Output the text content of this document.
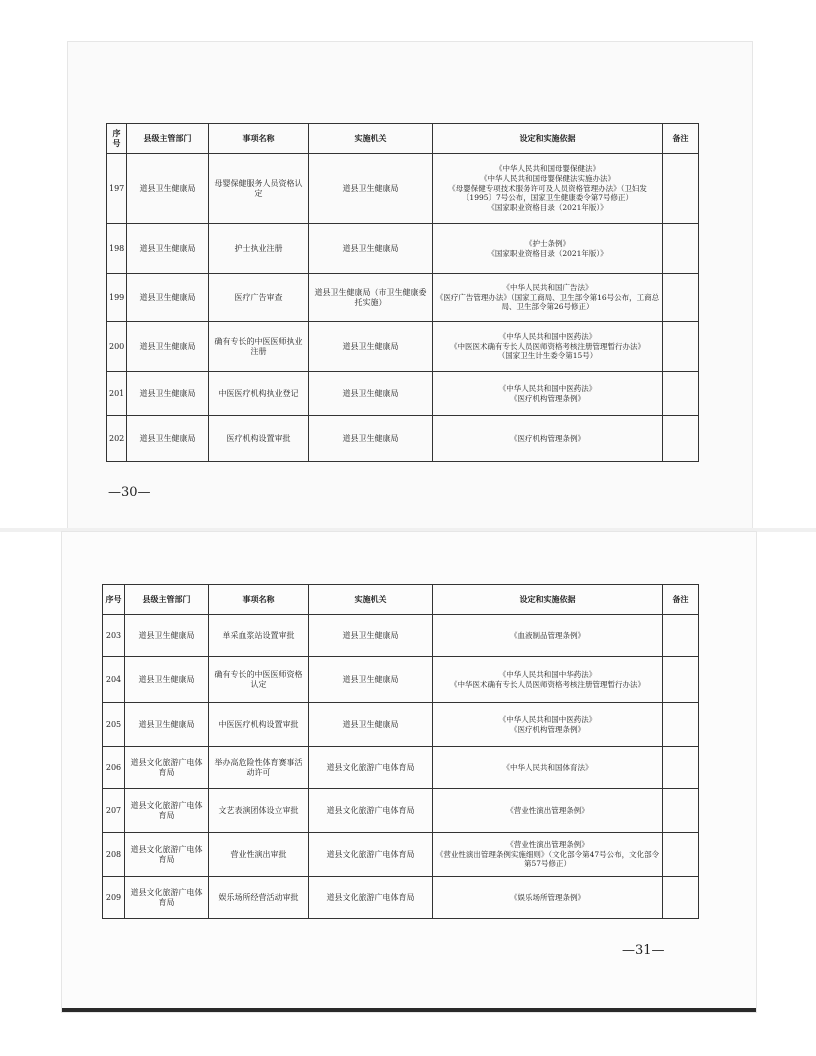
序号	县级主管部门	事项名称	实施机关	设定和实施依据	备注
197	道县卫生健康局	母婴保健服务人员资格认定	道县卫生健康局	《中华人民共和国母婴保健法》
《中华人民共和国母婴保健法实施办法》
《母婴保健专项技术服务许可及人员资格管理办法》（卫妇发〔1995〕7号公布，国家卫生健康委令第7号修正）
《国家职业资格目录（2021年版）》	

198	道县卫生健康局	护士执业注册	道县卫生健康局	《护士条例》
《国家职业资格目录（2021年版）》	

199	道县卫生健康局	医疗广告审查	道县卫生健康局（市卫生健康委托实施）	《中华人民共和国广告法》
《医疗广告管理办法》（国家工商局、卫生部令第16号公布，工商总局、卫生部令第26号修正）	

200	道县卫生健康局	确有专长的中医医师执业注册	道县卫生健康局	《中华人民共和国中医药法》
《中医医术确有专长人员医师资格考核注册管理暂行办法》
（国家卫生计生委令第15号）	

201	道县卫生健康局	中医医疗机构执业登记	道县卫生健康局	《中华人民共和国中医药法》
《医疗机构管理条例》	

202	道县卫生健康局	医疗机构设置审批	道县卫生健康局	《医疗机构管理条例》	

—30—
序号	县级主管部门	事项名称	实施机关	设定和实施依据	备注
203	道县卫生健康局	单采血浆站设置审批	道县卫生健康局	《血液制品管理条例》	

204	道县卫生健康局	确有专长的中医医师资格认定	道县卫生健康局	《中华人民共和国中华药法》
《中华医术确有专长人员医师资格考核注册管理暂行办法》	

205	道县卫生健康局	中医医疗机构设置审批	道县卫生健康局	《中华人民共和国中医药法》
《医疗机构管理条例》	

206	道县文化旅游广电体育局	举办高危险性体育赛事活动许可	道县文化旅游广电体育局	《中华人民共和国体育法》	

207	道县文化旅游广电体育局	文艺表演团体设立审批	道县文化旅游广电体育局	《营业性演出管理条例》	

208	道县文化旅游广电体育局	营业性演出审批	道县文化旅游广电体育局	《营业性演出管理条例》
《营业性演出管理条例实施细则》（文化部令第47号公布，文化部令第57号修正）	

209	道县文化旅游广电体育局	娱乐场所经营活动审批	道县文化旅游广电体育局	《娱乐场所管理条例》	

—31—
